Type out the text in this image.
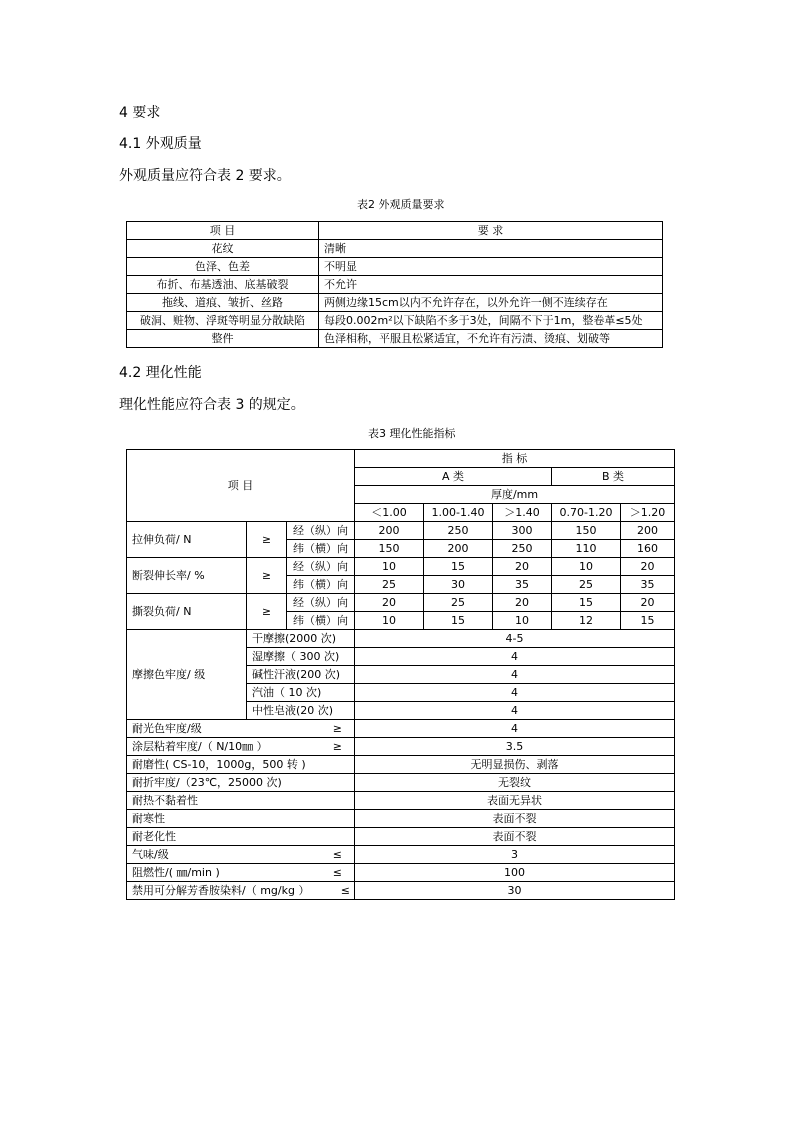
4 要求
4.1 外观质量
外观质量应符合表 2 要求。
表2 外观质量要求
项 目	要 求
花纹	清晰
色泽、色差	不明显
布折、布基透油、底基破裂	不允许
拖线、道痕、皱折、丝路	两侧边缘15cm以内不允许存在，以外允许一侧不连续存在
破洞、赃物、浮斑等明显分散缺陷	每段0.002m²以下缺陷不多于3处，间隔不下于1m，整卷革≤5处
整件	色泽相称，平服且松紧适宜，不允许有污渍、烫痕、划破等
4.2 理化性能
理化性能应符合表 3 的规定。
表3 理化性能指标
项 目			指 标				
			A 类			B 类	
			厚度/mm				
			＜1.00	1.00-1.40	＞1.40	0.70-1.20	＞1.20
拉伸负荷/ N	≥	经（纵）向	200	250	300	150	200
		纬（横）向	150	200	250	110	160
断裂伸长率/ %	≥	经（纵）向	10	15	20	10	20
		纬（横）向	25	30	35	25	35
撕裂负荷/ N	≥	经（纵）向	20	25	20	15	20
		纬（横）向	10	15	10	12	15
摩擦色牢度/ 级	干摩擦(2000 次)		4-5				
	湿摩擦（ 300 次)		4				
	碱性汗液(200 次)		4				
	汽油（ 10 次)		4				
	中性皂液(20 次)		4				
耐光色牢度/级 ≥			4				
涂层粘着牢度/（ N/10㎜ ） ≥			3.5				
耐磨性( CS-10，1000g，500 转 )			无明显损伤、剥落				
耐折牢度/（23℃，25000 次)			无裂纹				
耐热不黏着性			表面无异状				
耐寒性			表面不裂				
耐老化性			表面不裂				
气味/级 ≤			3				
阻燃性/( ㎜/min ) ≤			100				
禁用可分解芳香胺染料/（ mg/kg ） ≤			30				
